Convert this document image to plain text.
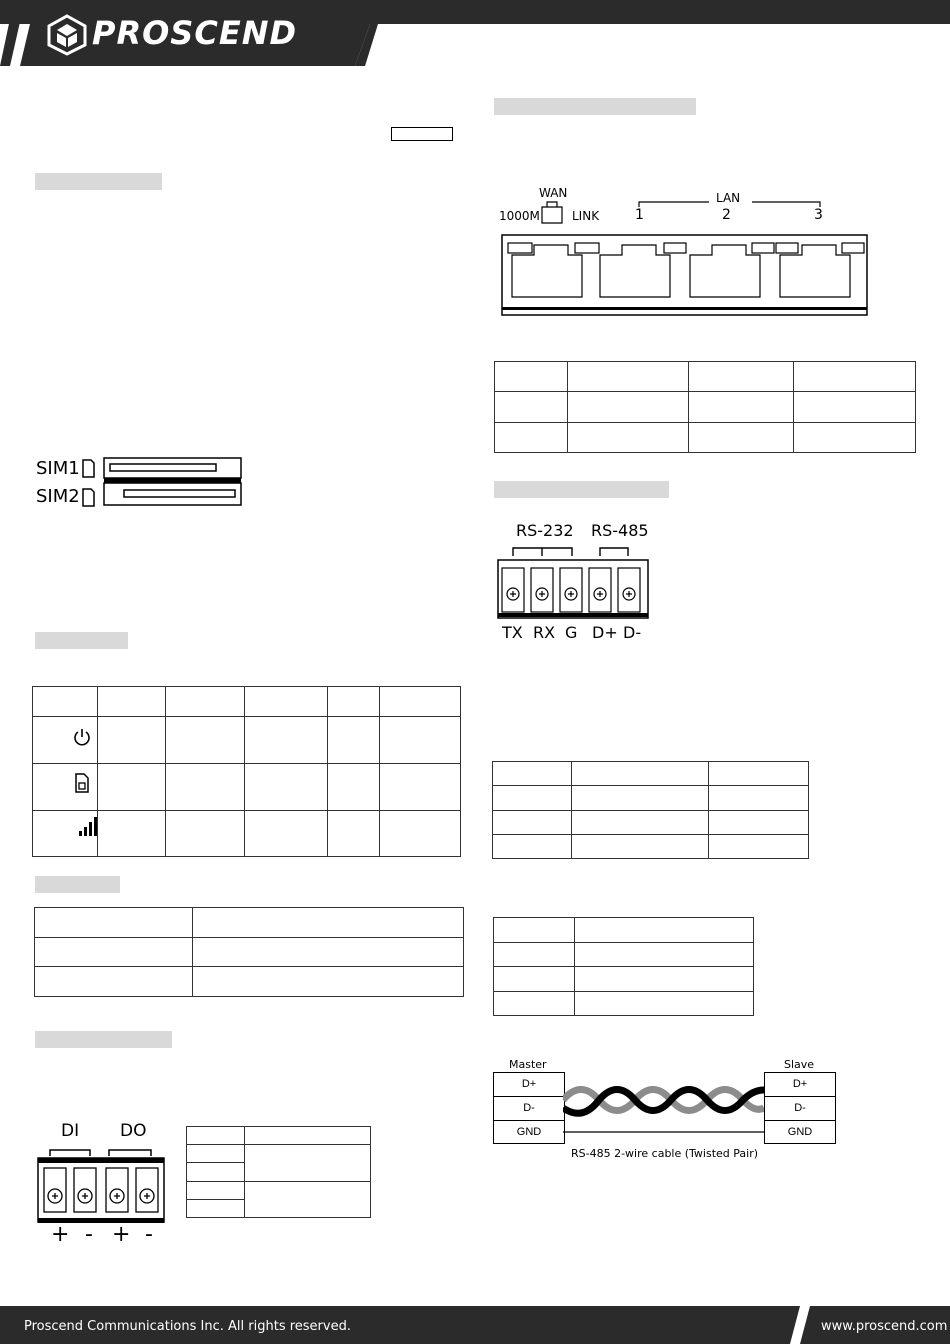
PROSCEND
SIM1
SIM2

DI DO
+ - + -

WAN
1000M	LINK
LAN
1	2	3

RS-232 RS-485
TX RX G D+ D-

Master	Slave
D+
D-
GND
D+
D-
GND
RS-485 2-wire cable (Twisted Pair)
Proscend Communications Inc. All rights reserved.	www.proscend.com
